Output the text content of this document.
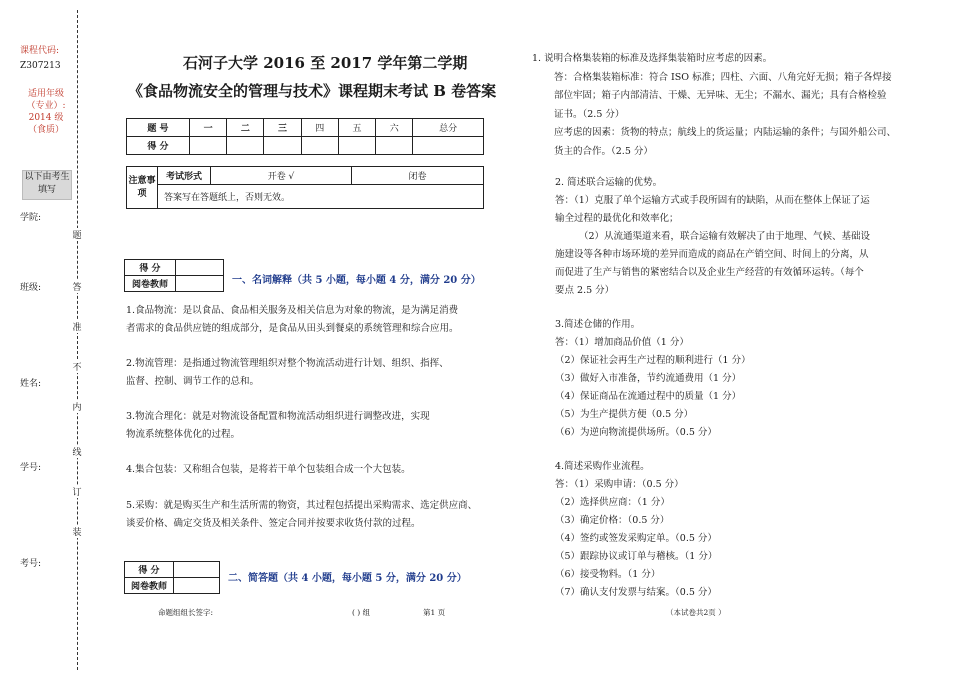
课程代码:
Z307213
适用年级
（专业）:
2014 级
（食质）
以下由考生
填写
学院:
班级:
姓名:
学号:
考号:
题
答
准
不
内
线
订
装
石河子大学 2016 至 2017 学年第二学期
《食品物流安全的管理与技术》课程期末考试 B 卷答案
题 号	一	二	三	四	五	六	总分
得 分							
注意事项	考试形式	开卷 √	闭卷
答案写在答题纸上，否则无效。
得 分	
阅卷教师		一、名词解释（共 5 小题，每小题 4 分，满分 20 分）
1.食品物流：是以食品、食品相关服务及相关信息为对象的物流，是为满足消费
者需求的食品供应链的组成部分，是食品从田头到餐桌的系统管理和综合应用。
2.物流管理：是指通过物流管理组织对整个物流活动进行计划、组织、指挥、
监督、控制、调节工作的总和。
3.物流合理化：就是对物流设备配置和物流活动组织进行调整改进，实现
物流系统整体优化的过程。
4.集合包装：又称组合包装，是将若干单个包装组合成一个大包装。
5.采购：就是购买生产和生活所需的物资，其过程包括提出采购需求、选定供应商、
谈妥价格、确定交货及相关条件、签定合同并按要求收货付款的过程。
得 分	
阅卷教师	
二、简答题（共 4 小题，每小题 5 分，满分 20 分）
命题组组长签字:	( ) 组	第1 页
1. 说明合格集装箱的标准及选择集装箱时应考虑的因素。
答：合格集装箱标准：符合 ISO 标准；四柱、六面、八角完好无损；箱子各焊接
部位牢固；箱子内部清洁、干燥、无异味、无尘；不漏水、漏光；具有合格检验
证书。（2.5 分）
应考虑的因素：货物的特点；航线上的货运量；内陆运输的条件；与国外船公司、
货主的合作。（2.5 分）
2. 简述联合运输的优势。
答：（1）克服了单个运输方式或手段所固有的缺陷，从而在整体上保证了运
输全过程的最优化和效率化；
（2）从流通渠道来看，联合运输有效解决了由于地理、气候、基础设
施建设等各种市场环境的差异而造成的商品在产销空间、时间上的分离，从
而促进了生产与销售的紧密结合以及企业生产经营的有效循环运转。（每个
要点 2.5 分）
3.简述仓储的作用。
答：（1）增加商品价值（1 分）
（2）保证社会再生产过程的顺利进行（1 分）
（3）做好入市准备，节约流通费用（1 分）
（4）保证商品在流通过程中的质量（1 分）
（5）为生产提供方便（0.5 分）
（6）为逆向物流提供场所。（0.5 分）
4.简述采购作业流程。
答：（1）采购申请：（0.5 分）
（2）选择供应商：（1 分）
（3）确定价格：（0.5 分）
（4）签约或签发采购定单。（0.5 分）
（5）跟踪协议或订单与稽核。（1 分）
（6）接受物料。（1 分）
（7）确认支付发票与结案。（0.5 分）
（本试卷共2页 ）
